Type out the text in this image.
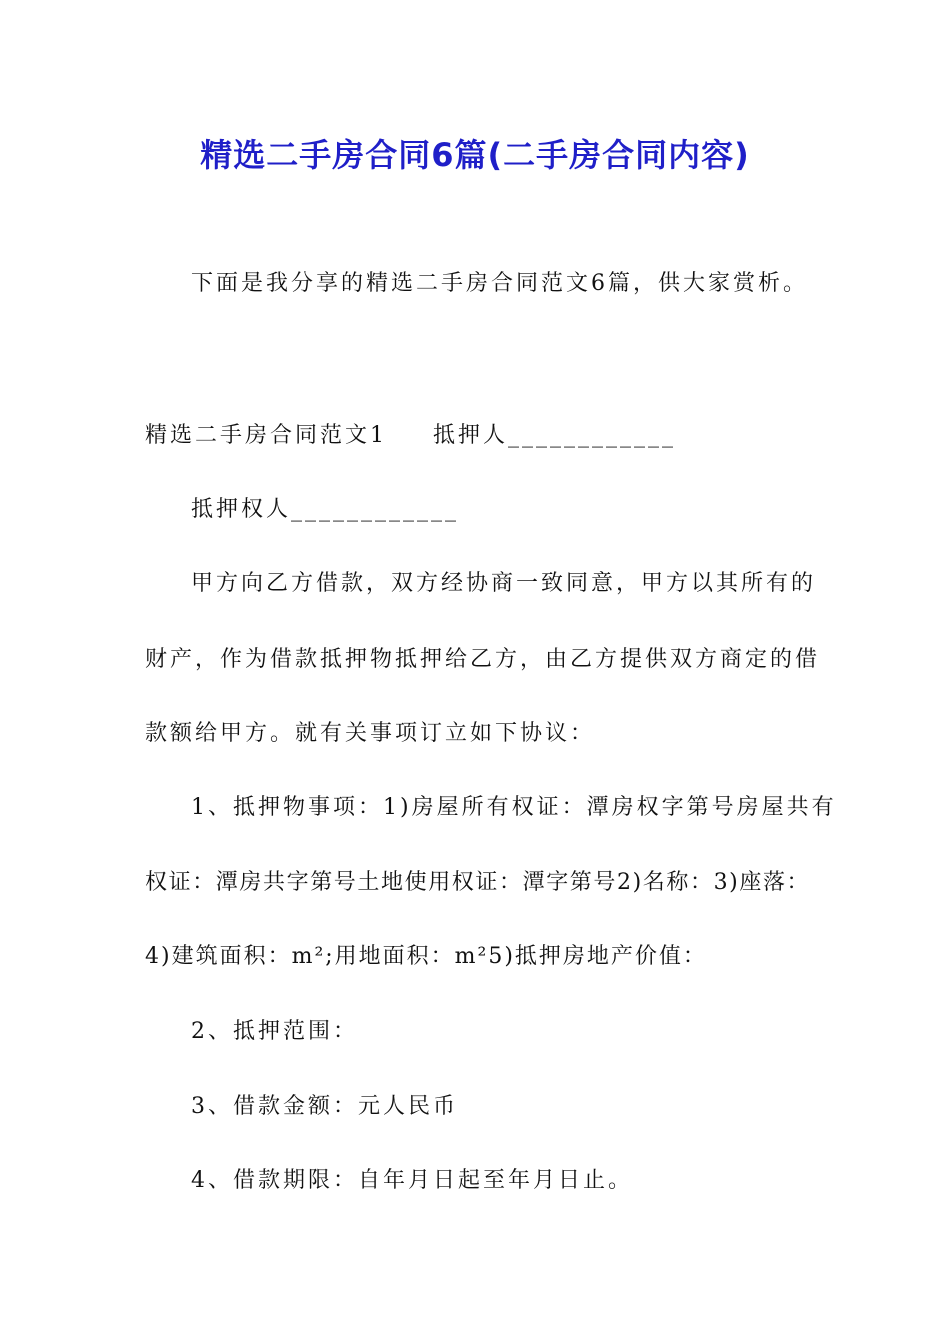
精选二手房合同6篇(二手房合同内容)
下面是我分享的精选二手房合同范文6篇，供大家赏析。
精选二手房合同范文1 抵押人____________
抵押权人____________
甲方向乙方借款，双方经协商一致同意，甲方以其所有的
财产，作为借款抵押物抵押给乙方，由乙方提供双方商定的借
款额给甲方。就有关事项订立如下协议：
1、抵押物事项：1)房屋所有权证：潭房权字第号房屋共有
权证：潭房共字第号土地使用权证：潭字第号2)名称：3)座落：
4)建筑面积：m²;用地面积：m²5)抵押房地产价值：
2、抵押范围：
3、借款金额：元人民币
4、借款期限：自年月日起至年月日止。
